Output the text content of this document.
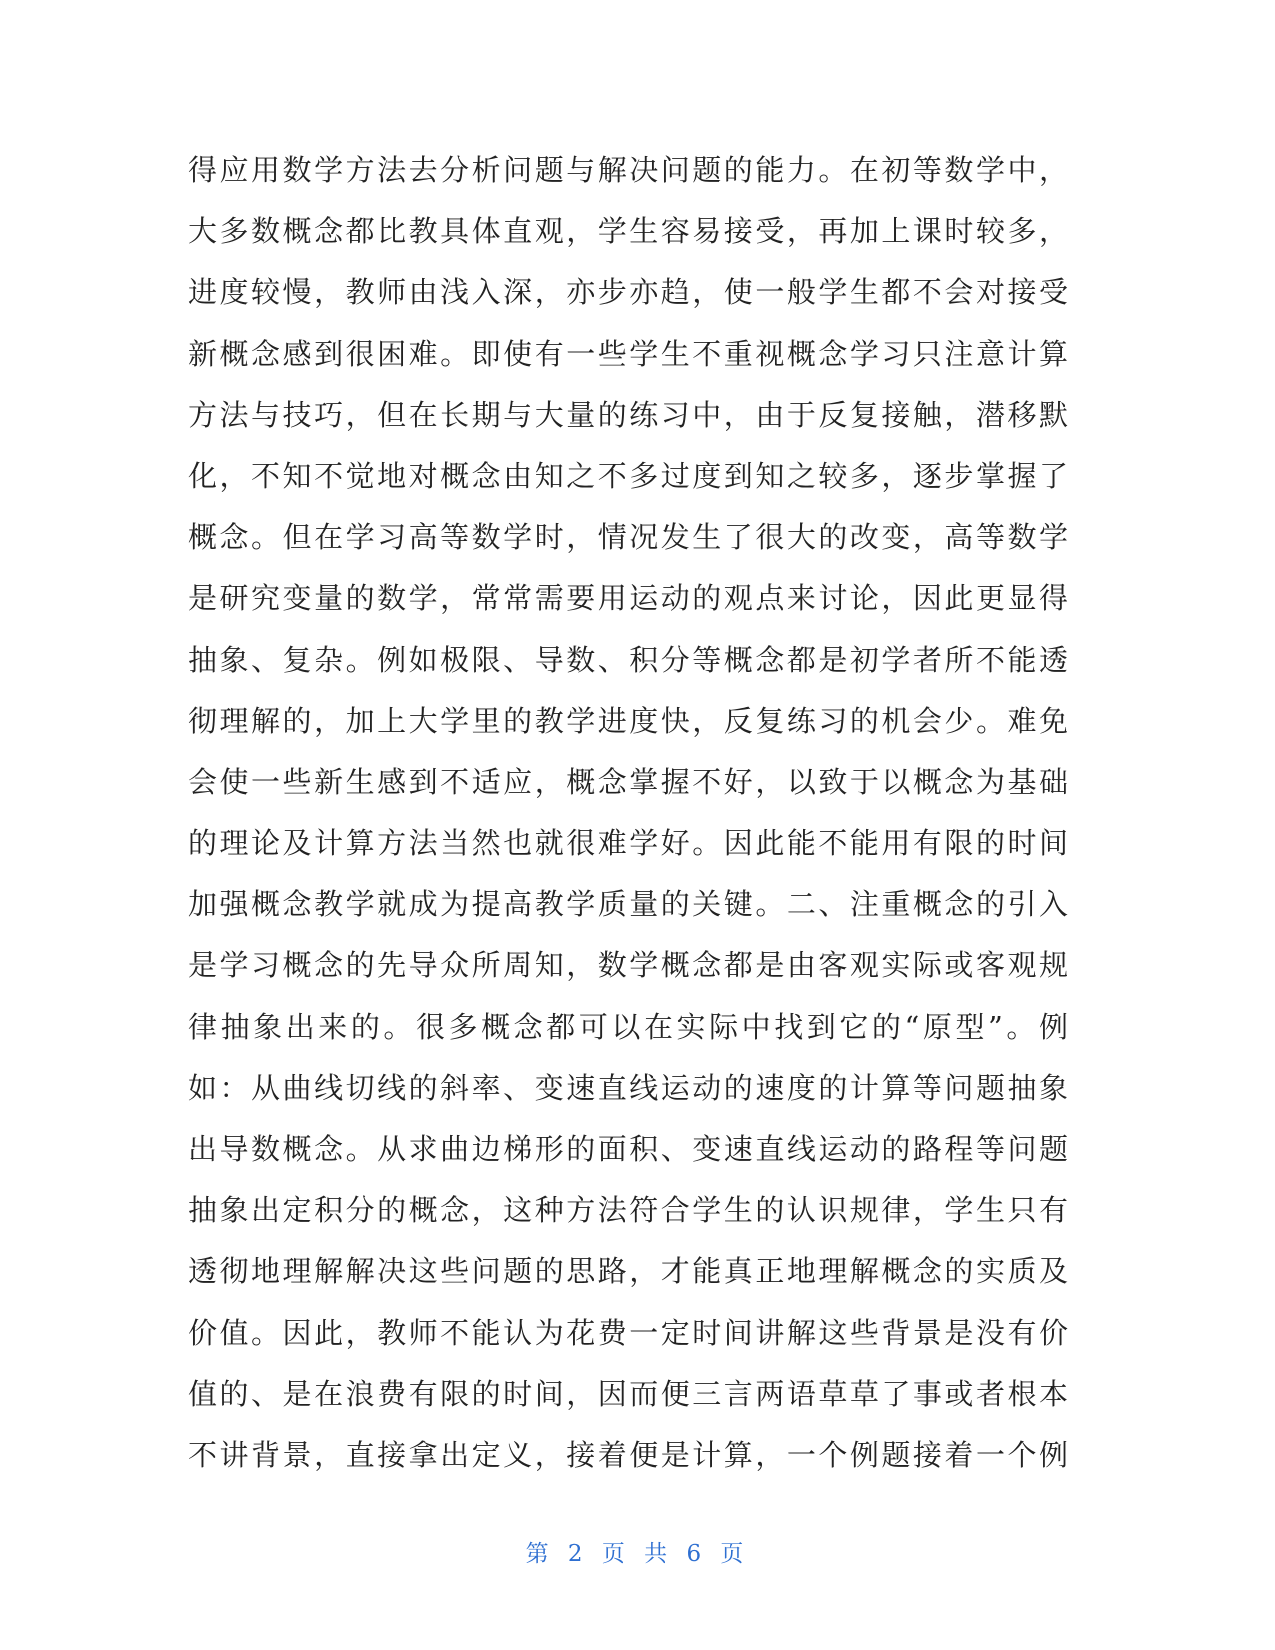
得应用数学方法去分析问题与解决问题的能力。在初等数学中，
大多数概念都比教具体直观，学生容易接受，再加上课时较多，
进度较慢，教师由浅入深，亦步亦趋，使一般学生都不会对接受
新概念感到很困难。即使有一些学生不重视概念学习只注意计算
方法与技巧，但在长期与大量的练习中，由于反复接触，潜移默
化，不知不觉地对概念由知之不多过度到知之较多，逐步掌握了
概念。但在学习高等数学时，情况发生了很大的改变，高等数学
是研究变量的数学，常常需要用运动的观点来讨论，因此更显得
抽象、复杂。例如极限、导数、积分等概念都是初学者所不能透
彻理解的，加上大学里的教学进度快，反复练习的机会少。难免
会使一些新生感到不适应，概念掌握不好，以致于以概念为基础
的理论及计算方法当然也就很难学好。因此能不能用有限的时间
加强概念教学就成为提高教学质量的关键。二、注重概念的引入
是学习概念的先导众所周知，数学概念都是由客观实际或客观规
律抽象出来的。很多概念都可以在实际中找到它的“原型”。例
如：从曲线切线的斜率、变速直线运动的速度的计算等问题抽象
出导数概念。从求曲边梯形的面积、变速直线运动的路程等问题
抽象出定积分的概念，这种方法符合学生的认识规律，学生只有
透彻地理解解决这些问题的思路，才能真正地理解概念的实质及
价值。因此，教师不能认为花费一定时间讲解这些背景是没有价
值的、是在浪费有限的时间，因而便三言两语草草了事或者根本
不讲背景，直接拿出定义，接着便是计算，一个例题接着一个例
第 2 页 共 6 页
